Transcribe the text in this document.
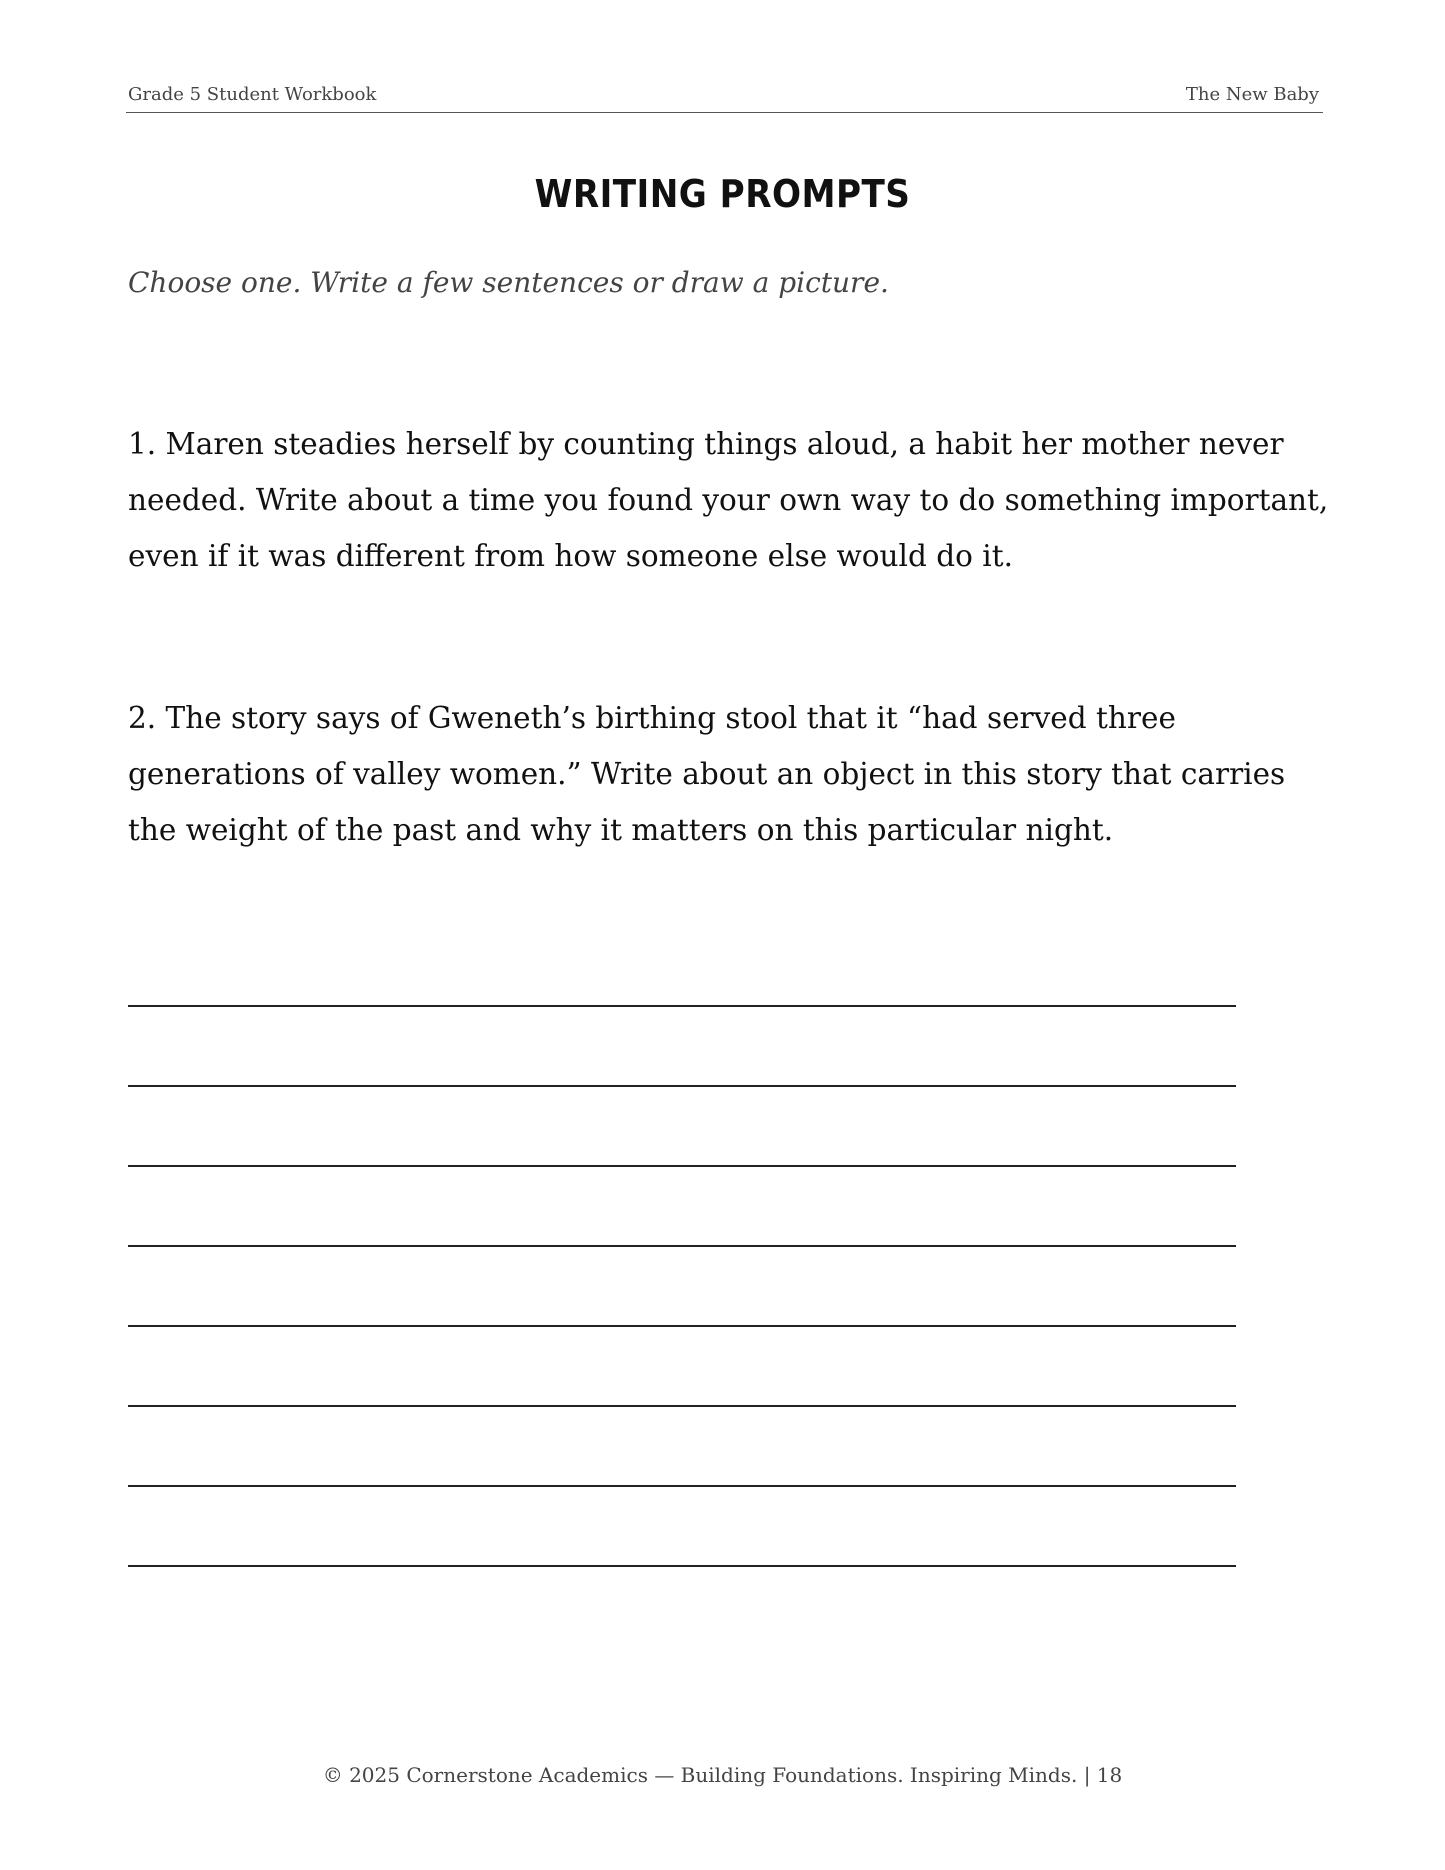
Grade 5 Student Workbook	The New Baby
WRITING PROMPTS
Choose one. Write a few sentences or draw a picture.
1. Maren steadies herself by counting things aloud, a habit her mother never needed. Write about a time you found your own way to do something important, even if it was different from how someone else would do it.
2. The story says of Gweneth’s birthing stool that it “had served three generations of valley women.” Write about an object in this story that carries the weight of the past and why it matters on this particular night.
© 2025 Cornerstone Academics — Building Foundations. Inspiring Minds. | 18
